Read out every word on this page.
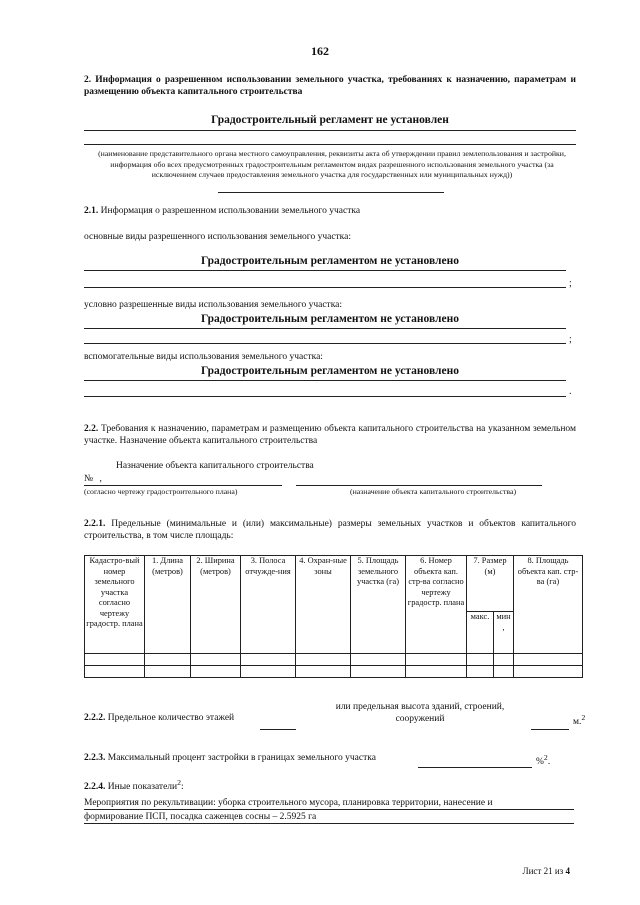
162
2. Информация о разрешенном использовании земельного участка, требованиях к назначению, параметрам и размещению объекта капитального строительства
Градостроительный регламент не установлен
(наименование представительного органа местного самоуправления, реквизиты акта об утверждении правил землепользования и застройки, информация обо всех предусмотренных градостроительным регламентом видах разрешенного использования земельного участка (за исключением случаев предоставления земельного участка для государственных или муниципальных нужд))
2.1. Информация о разрешенном использовании земельного участка
основные виды разрешенного использования земельного участка:
Градостроительным регламентом не установлено
;
условно разрешенные виды использования земельного участка:
Градостроительным регламентом не установлено
;
вспомогательные виды использования земельного участка:
Градостроительным регламентом не установлено
.
2.2. Требования к назначению, параметрам и размещению объекта капитального строительства на указанном земельном участке. Назначение объекта капитального строительства
Назначение объекта капитального строительства
№ ,
(согласно чертежу градостроительного плана)	(назначение объекта капитального строительства)
2.2.1. Предельные (минимальные и (или) максимальные) размеры земельных участков и объектов капитального строительства, в том числе площадь:
Кадастро-вый номер земельного участка согласно чертежу градостр. плана	1. Длина (метров)	2. Ширина (метров)	3. Полоса отчужде-ния	4. Охран-ные зоны	5. Площадь земельного участка (га)	6. Номер объекта кап. стр-ва согласно чертежу градостр. плана	7. Размер (м)		8. Площадь объекта кап. стр-ва (га)
							макс.	мин
,	

или предельная высота зданий, строений, сооружений
2.2.2. Предельное количество этажей	м.$^2$
2.2.3. Максимальный процент застройки в границах земельного участка	%$^2$.
2.2.4. Иные показатели$^2$:
Мероприятия по рекультивации: уборка строительного мусора, планировка территории, нанесение и
формирование ПСП, посадка саженцев сосны – 2.5925 га
Лист 21 из 4
